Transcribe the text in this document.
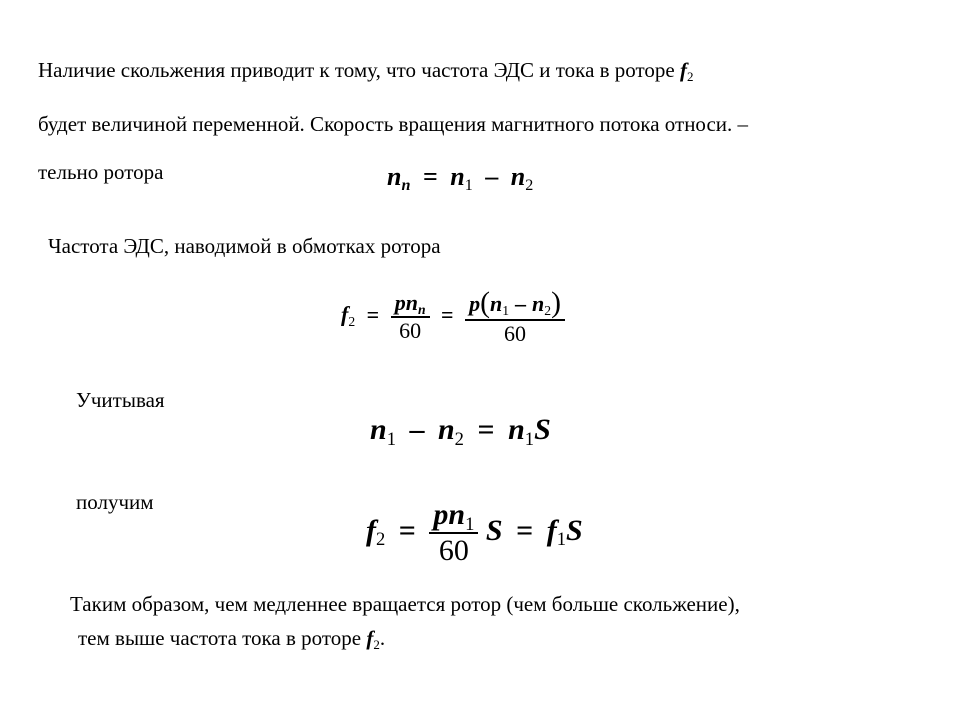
Наличие скольжения приводит к тому, что частота ЭДС и тока в роторе f2
будет величиной переменной. Скорость вращения магнитного потока относи. –
тельно ротора	nn = n1 – n2
Частота ЭДС, наводимой в обмотках ротора
$f2 = \frac{\text{pnn}}{60} = \frac{p(n1 - n2)}{60}$
Учитывая
n1 – n2 = n1S
получим
$f2 = \frac{pn1}{60}$ S = f1S
Таким образом, чем медленнее вращается ротор (чем больше скольжение),
тем выше частота тока в роторе f2.
